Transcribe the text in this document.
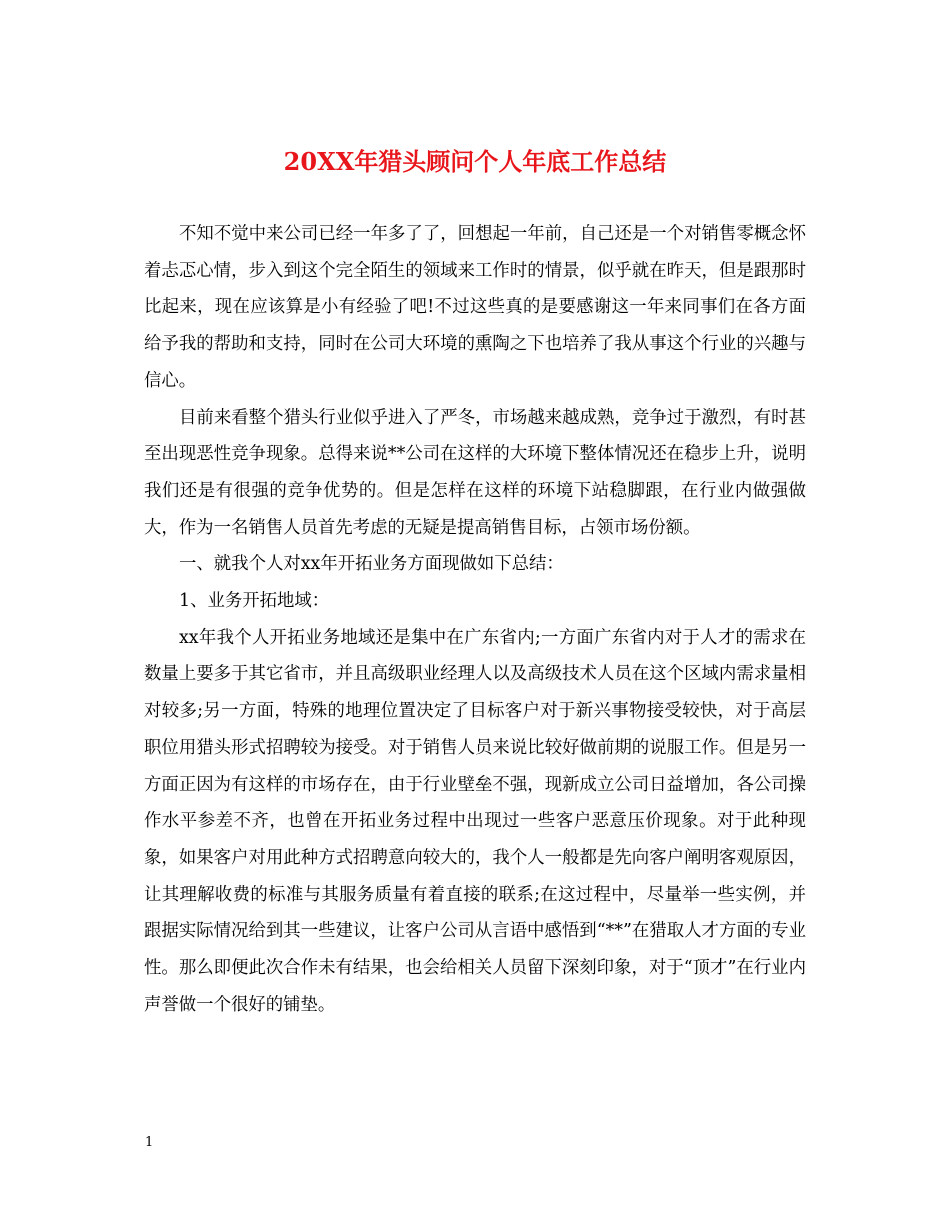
20XX年猎头顾问个人年底工作总结

不知不觉中来公司已经一年多了了，回想起一年前，自己还是一个对销售零概念怀着忐忑心情，步入到这个完全陌生的领域来工作时的情景，似乎就在昨天，但是跟那时比起来，现在应该算是小有经验了吧!不过这些真的是要感谢这一年来同事们在各方面给予我的帮助和支持，同时在公司大环境的熏陶之下也培养了我从事这个行业的兴趣与信心。

目前来看整个猎头行业似乎进入了严冬，市场越来越成熟，竞争过于激烈，有时甚至出现恶性竞争现象。总得来说**公司在这样的大环境下整体情况还在稳步上升，说明我们还是有很强的竞争优势的。但是怎样在这样的环境下站稳脚跟，在行业内做强做大，作为一名销售人员首先考虑的无疑是提高销售目标，占领市场份额。

一、就我个人对xx年开拓业务方面现做如下总结：

1、业务开拓地域：

xx年我个人开拓业务地域还是集中在广东省内;一方面广东省内对于人才的需求在数量上要多于其它省市，并且高级职业经理人以及高级技术人员在这个区域内需求量相对较多;另一方面，特殊的地理位置决定了目标客户对于新兴事物接受较快，对于高层职位用猎头形式招聘较为接受。对于销售人员来说比较好做前期的说服工作。但是另一方面正因为有这样的市场存在，由于行业壁垒不强，现新成立公司日益增加，各公司操作水平参差不齐，也曾在开拓业务过程中出现过一些客户恶意压价现象。对于此种现象，如果客户对用此种方式招聘意向较大的，我个人一般都是先向客户阐明客观原因，让其理解收费的标准与其服务质量有着直接的联系;在这过程中，尽量举一些实例，并跟据实际情况给到其一些建议，让客户公司从言语中感悟到“**”在猎取人才方面的专业性。那么即便此次合作未有结果，也会给相关人员留下深刻印象，对于“顶才”在行业内声誉做一个很好的铺垫。

1
